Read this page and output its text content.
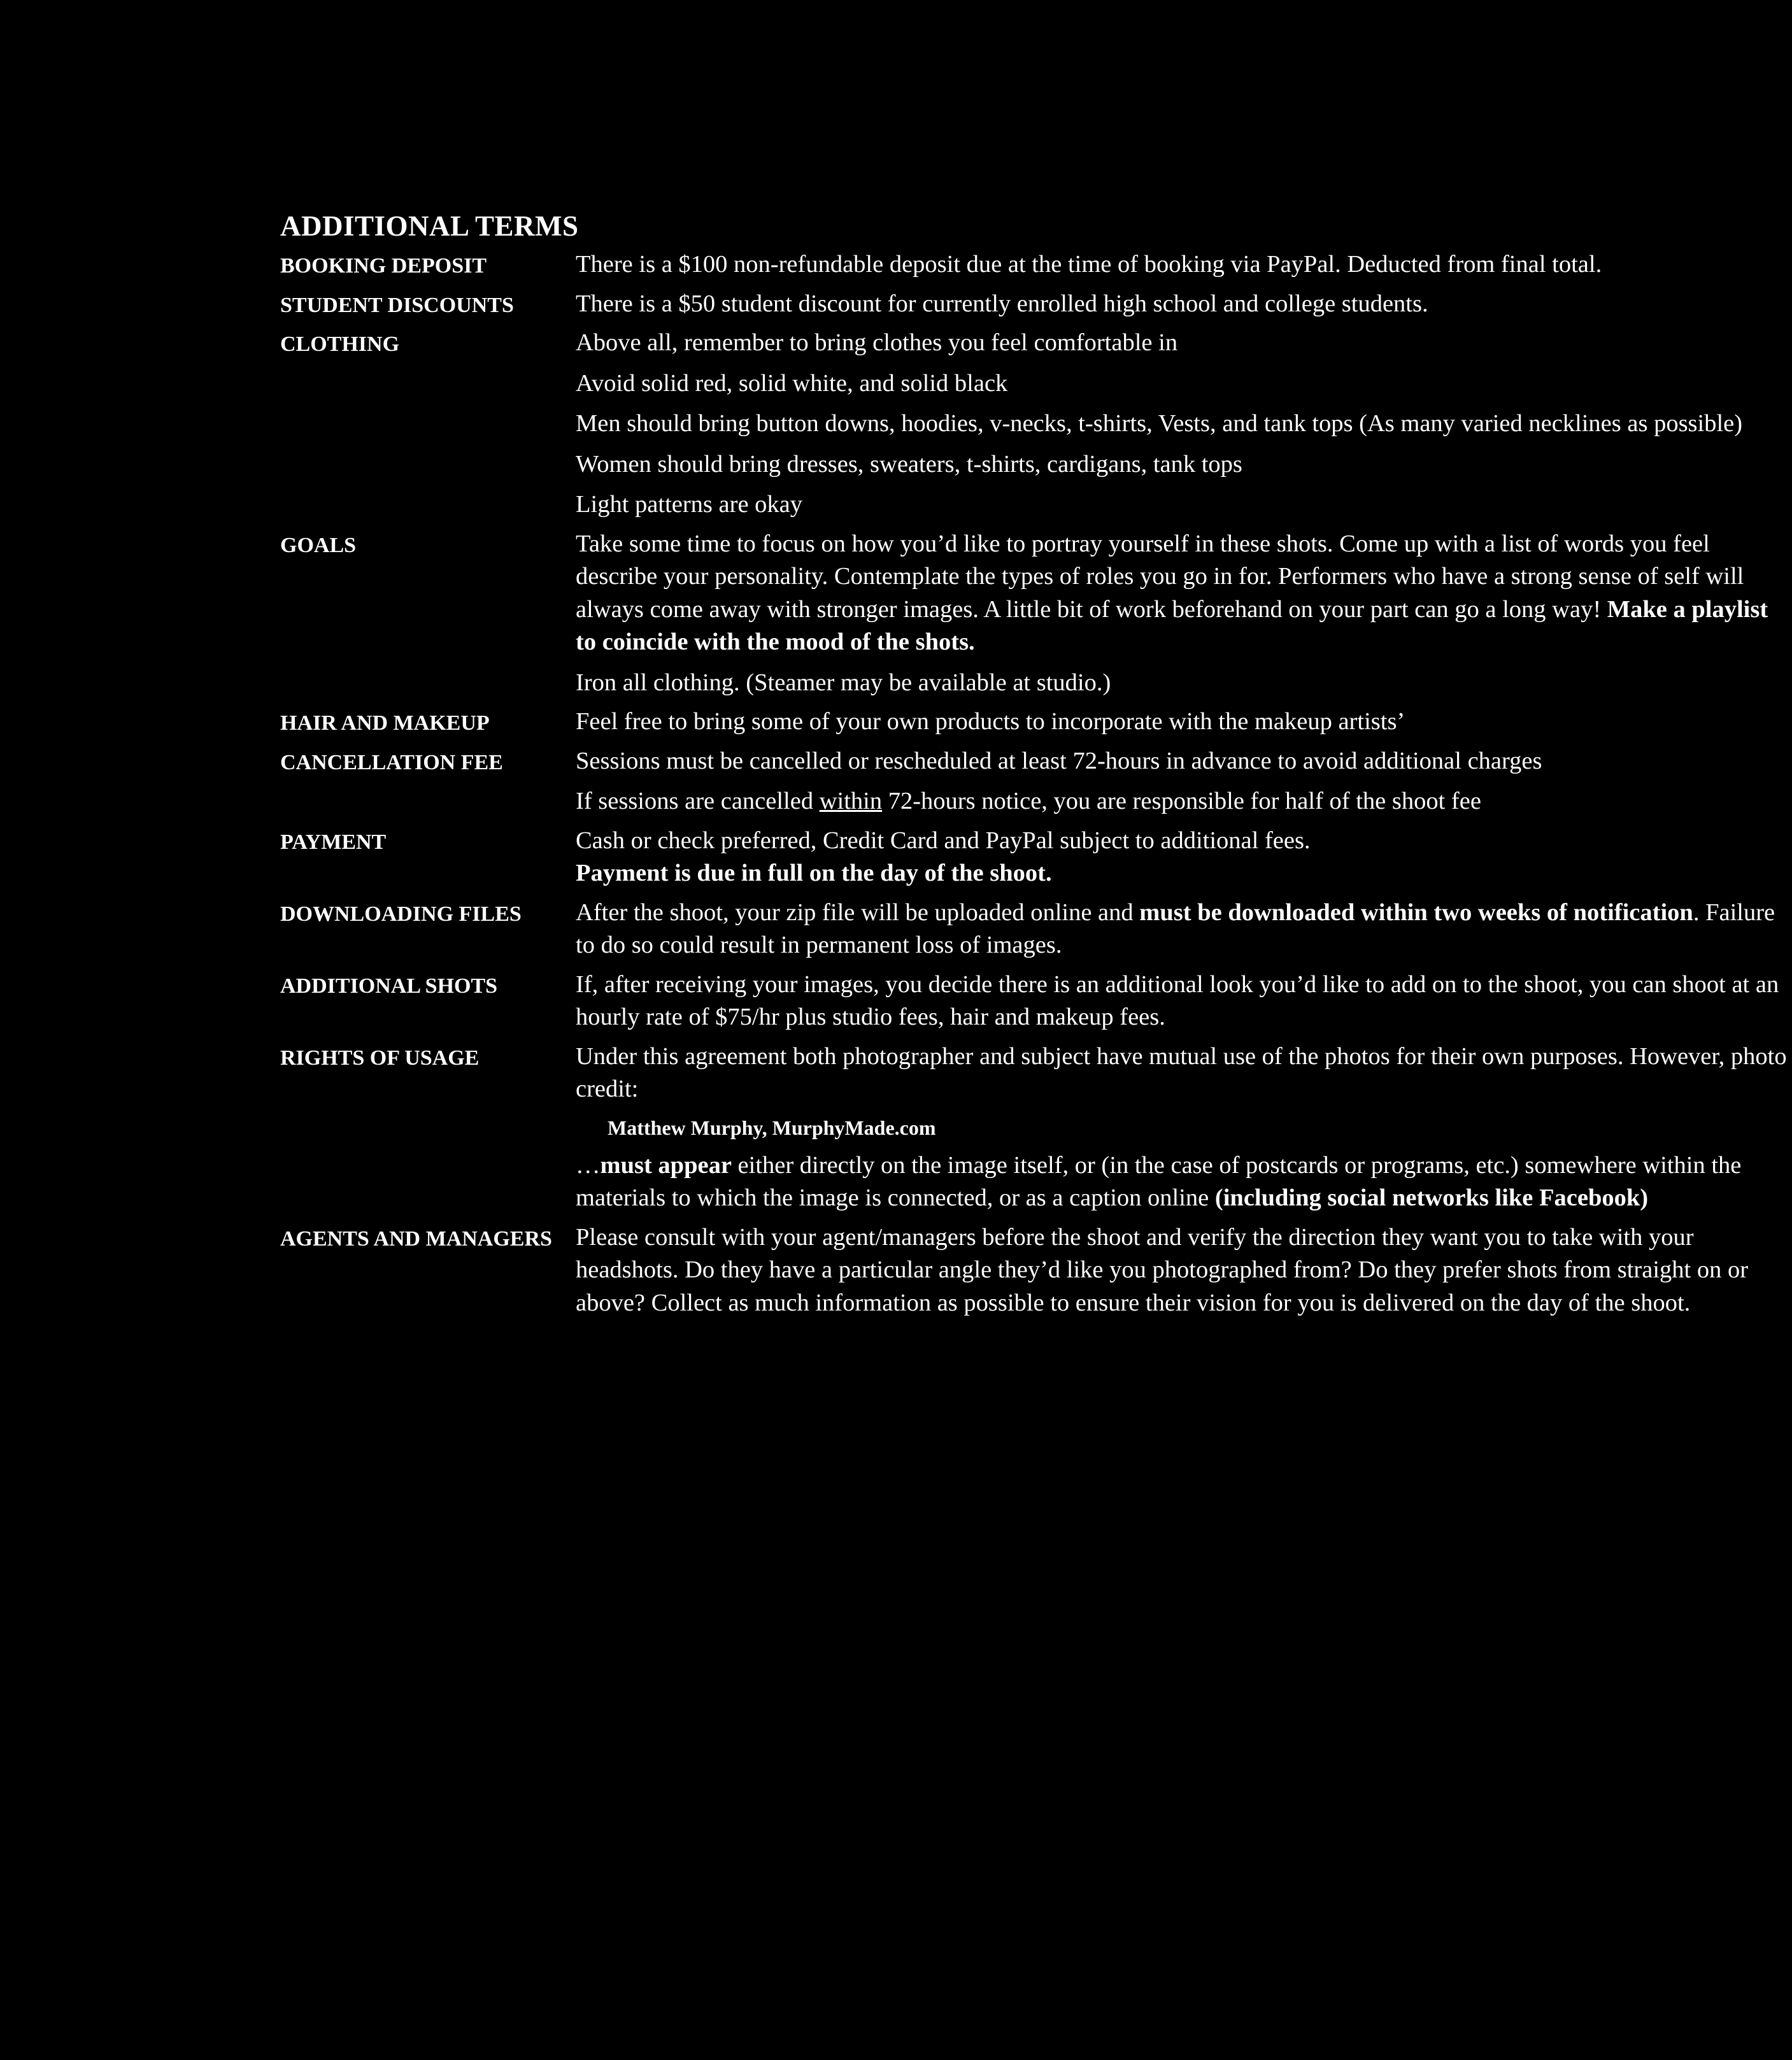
ADDITIONAL TERMS
BOOKING DEPOSIT	There is a $100 non-refundable deposit due at the time of booking via PayPal. Deducted from final total.
STUDENT DISCOUNTS	There is a $50 student discount for currently enrolled high school and college students.
CLOTHING	Above all, remember to bring clothes you feel comfortable in
Avoid solid red, solid white, and solid black
Men should bring button downs, hoodies, v-necks, t-shirts, Vests, and tank tops (As many varied necklines as possible)
Women should bring dresses, sweaters, t-shirts, cardigans, tank tops
Light patterns are okay
GOALS	Take some time to focus on how you’d like to portray yourself in these shots. Come up with a list of words you feel describe your personality. Contemplate the types of roles you go in for. Performers who have a strong sense of self will always come away with stronger images. A little bit of work beforehand on your part can go a long way! Make a playlist to coincide with the mood of the shots.
Iron all clothing. (Steamer may be available at studio.)
HAIR AND MAKEUP	Feel free to bring some of your own products to incorporate with the makeup artists’
CANCELLATION FEE	Sessions must be cancelled or rescheduled at least 72-hours in advance to avoid additional charges
If sessions are cancelled within 72-hours notice, you are responsible for half of the shoot fee
PAYMENT	Cash or check preferred, Credit Card and PayPal subject to additional fees.
Payment is due in full on the day of the shoot.
DOWNLOADING FILES	After the shoot, your zip file will be uploaded online and must be downloaded within two weeks of notification. Failure to do so could result in permanent loss of images.
ADDITIONAL SHOTS	If, after receiving your images, you decide there is an additional look you’d like to add on to the shoot, you can shoot at an hourly rate of $75/hr plus studio fees, hair and makeup fees.
RIGHTS OF USAGE	Under this agreement both photographer and subject have mutual use of the photos for their own purposes. However, photo credit:
Matthew Murphy, MurphyMade.com
…must appear either directly on the image itself, or (in the case of postcards or programs, etc.) somewhere within the materials to which the image is connected, or as a caption online (including social networks like Facebook)
AGENTS AND MANAGERS Please consult with your agent/managers before the shoot and verify the direction they want you to take with your headshots. Do they have a particular angle they’d like you photographed from? Do they prefer shots from straight on or above? Collect as much information as possible to ensure their vision for you is delivered on the day of the shoot.
